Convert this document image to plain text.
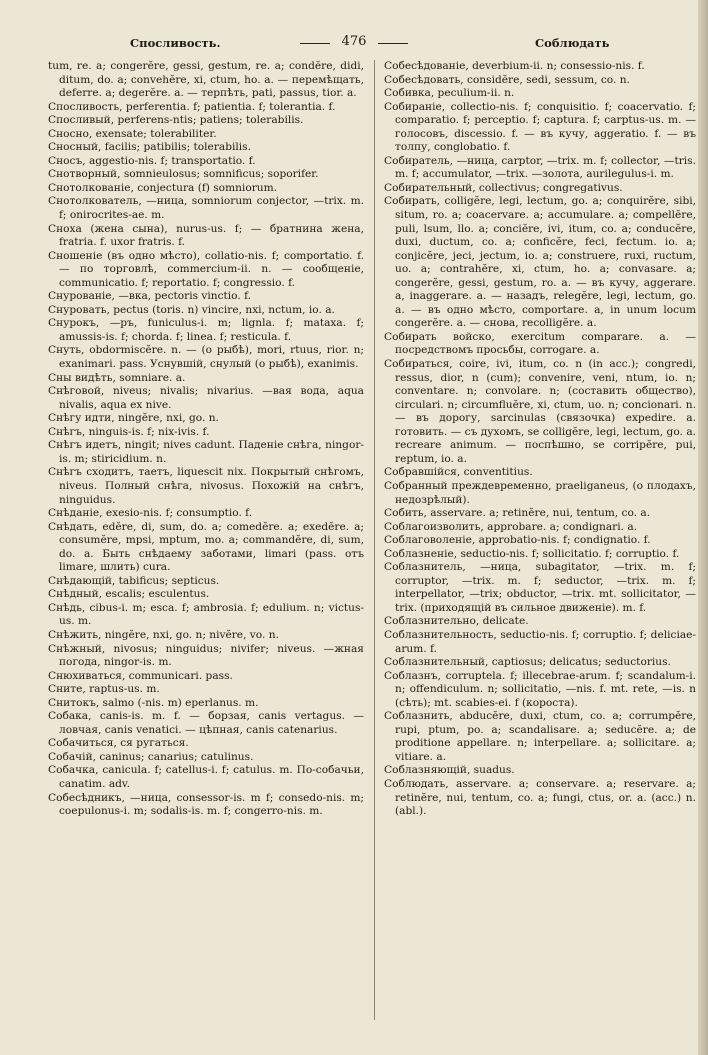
Спосливость.	476	Соблюдать

tum, re. a; congerĕre, gessi, gestum, re. a; condĕre, didi, ditum, do. a; convehĕre, xi, ctum, ho. a. — перемѣщать, deferre. a; degerĕre. a. — терпѣть, pati, passus, tior. a.

Спосливость, perferentia. f; patientia. f; tolerantia. f.

Спосливый, perferens-ntis; patiens; tolerabilis.

Сносно, exensate; tolerabiliter.

Сносный, facilis; patibilis; tolerabilis.

Сносъ, aggestio-nis. f; transportatio. f.

Снотворный, somnieulosus; somnificus; soporifer.

Снотолкованіе, conjectura (f) somniorum.

Снотолкователь, —ница, somniorum conjector, —trix. m. f; onirocrites-ae. m.

Сноха (жена сына), nurus-us. f; — братнина жена, fratria. f. uxor fratris. f.

Сношеніе (въ одно мѣсто), collatio-nis. f; comportatio. f. — по торговлѣ, commercium-ii. n. — сообщеніе, communicatio. f; reportatio. f; congressio. f.

Снурованіе, —вка, pectoris vinctio. f.

Снуровать, pectus (toris. n) vincire, nxi, nctum, io. a.

Снурокъ, —ръ, funiculus-i. m; lignla. f; mataxa. f; amussis-is. f; chorda. f; linea. f; resticula. f.

Снуть, obdormiscĕre. n. — (о рыбѣ), mori, rtuus, rior. n; exanimari. pass. Уснувшій, снулый (о рыбѣ), exanimis.

Сны видѣть, somniare. a.

Снѣговой, niveus; nivalis; nivarius. —вая вода, aqua nivalis, aqua ex nive.

Снѣгу идти, ningĕre, nxi, go. n.

Снѣгъ, ninguis-is. f; nix-ivis. f.

Снѣгъ идетъ, ningit; nives cadunt. Паденіе снѣга, ningor-is. m; stiricidium. n.

Снѣгъ сходитъ, таетъ, liquescit nix. Покрытый снѣгомъ, niveus. Полный снѣга, nivosus. Похожій на снѣгъ, ninguidus.

Снѣданіе, exesio-nis. f; consumptio. f.

Снѣдать, edĕre, di, sum, do. a; comedĕre. a; exedĕre. a; consumĕre, mpsi, mptum, mo. a; commandĕre, di, sum, do. a. Быть снѣдаему заботами, limari (pass. отъ limare, шлить) cura.

Снѣдающій, tabificus; septicus.

Снѣдный, escalis; esculentus.

Снѣдь, cibus-i. m; esca. f; ambrosia. f; edulium. n; victus-us. m.

Снѣжить, ningĕre, nxi, go. n; nivĕre, vo. n.

Снѣжный, nivosus; ninguidus; nivifer; niveus. —жная погода, ningor-is. m.

Снюхиваться, communicari. pass.

Сните, raptus-us. m.

Снитокъ, salmo (-nis. m) eperlanus. m.

Собака, canis-is. m. f. — борзая, canis vertagus. — ловчая, canis venaticі. — цѣпная, canis catenarius.

Собачиться, ся ругаться.

Собачій, caninus; canarius; catulinus.

Собачка, canicula. f; catellus-i. f; catulus. m. По-собачьи, canatim. adv.

Собесѣдникъ, —ница, consessor-is. m f; consedo-nis. m; coepulonus-i. m; sodalis-is. m. f; congerro-nis. m.

Собесѣдованіе, deverbium-ii. n; consessio-nis. f.

Собесѣдовать, considĕre, sedi, sessum, co. n.

Собивка, peculium-ii. n.

Собираніе, collectio-nis. f; conquisitio. f; coacervatio. f; comparatio. f; perceptio. f; captura. f; carptus-us. m. — голосовъ, discessio. f. — въ кучу, aggeratio. f. — въ толпу, conglobatio. f.

Собиратель, —ница, carptor, —trix. m. f; collector, —tris. m. f; accumulator, —trix. —золота, aurilegulus-i. m.

Собирательный, collectivus; congregativus.

Собирать, colligĕre, legi, lectum, go. a; conquirĕre, sibi, situm, ro. a; coacervare. a; accumulare. a; compellĕre, puli, lsum, llo. a; conciĕre, ivi, itum, co. a; conducĕre, duxi, ductum, co. a; conficĕre, feci, fectum. io. a; conjicĕre, jeci, jectum, io. a; construere, ruxi, ructum, uo. a; contrahĕre, xi, ctum, ho. a; convasare. a; congerĕre, gessi, gestum, ro. a. — въ кучу, aggerare. a, inaggerare. a. — назадъ, relegĕre, legi, lectum, go. a. — въ одно мѣсто, comportare. a, in unum locum congerĕre. a. — снова, recolligĕre. a.

Собирать войско, exercitum comparare. a. — посредствомъ просьбы, corrogare. a.

Собираться, coire, ivi, itum, co. n (in acc.); congredi, ressus, dior, n (cum); convenire, veni, ntum, io. n; conventare. n; convolare. n; (составить общество), circulari. n; circumfluĕre, xi, ctum, uo. n; concionari. n. — въ дорогу, sarcinulas (связочка) expedire. a. готовить. — съ духомъ, se colligĕre, legi, lectum, go. a. recreare animum. — поспѣшно, se corripĕre, pui, reptum, io. a.

Собравшійся, conventitius.

Собранный преждевременно, praeliganeus, (о плодахъ, недозрѣлый).

Собить, asservare. a; retinĕre, nui, tentum, co. a.

Соблагоизволить, approbare. a; condignari. a.

Соблаговоленіе, approbatio-nis. f; condignatio. f.

Соблазненіе, seductio-nis. f; sollicitatio. f; corruptio. f.

Соблазнитель, —ница, subagitator, —trix. m. f; corruptor, —trix. m. f; seductor, —trix. m. f; interpellator, —trix; obductor, —trix. mt. sollicitator, —trix. (приходящій въ сильное движеніе). m. f.

Соблазнительно, delicate.

Соблазнительность, seductio-nis. f; corruptio. f; deliciae-arum. f.

Соблазнительный, captiosus; delicatus; seductorius.

Соблазнъ, corruptela. f; illecebrae-arum. f; scandalum-i. n; offendiculum. n; sollicitatio, —nis. f. mt. rete, —is. n (сѣть); mt. scabies-ei. f (короста).

Соблазнить, abducĕre, duxi, ctum, co. a; corrumpĕre, rupi, ptum, po. a; scandalisare. a; seducĕre. a; de proditione appellare. n; interpellare. a; sollicitare. a; vitiare. a.

Соблазняющій, suadus.

Соблюдать, asservare. a; conservare. a; reservare. a; retinĕre, nui, tentum, co. a; fungi, ctus, or. a. (acc.) n. (abl.).
